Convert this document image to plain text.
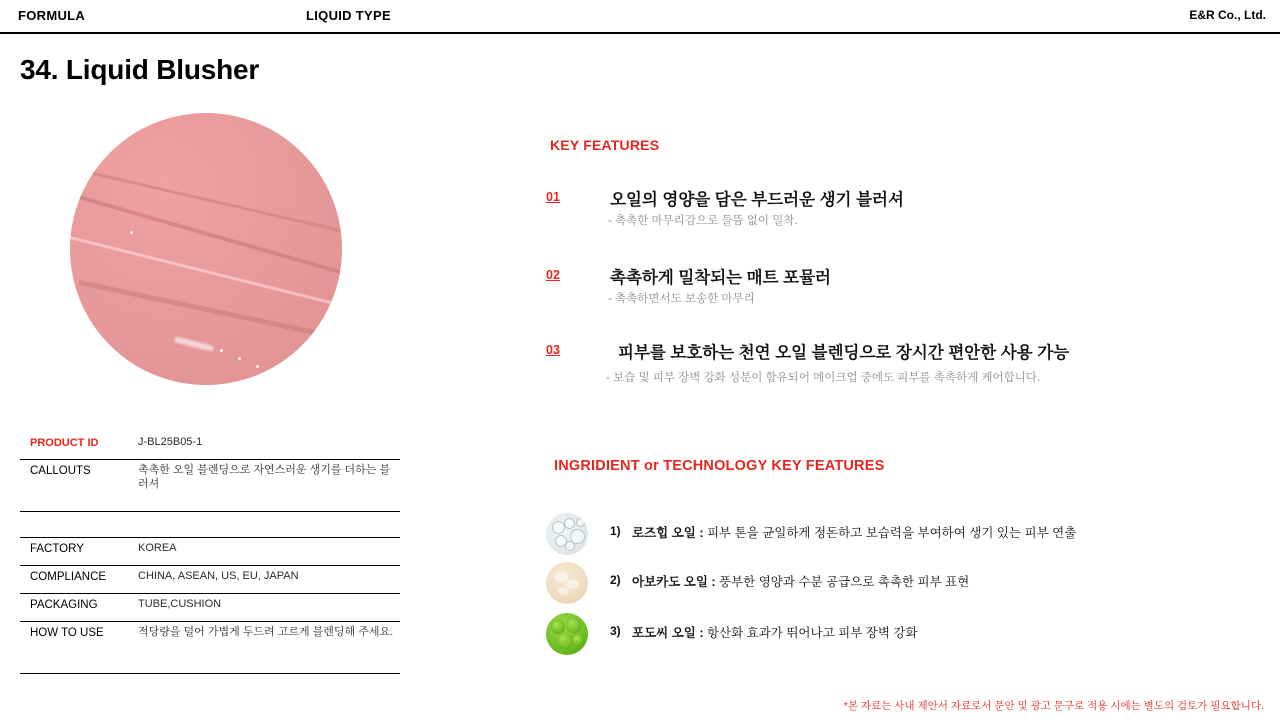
FORMULA	LIQUID TYPE	E&R Co., Ltd.
34. Liquid Blusher
PRODUCT ID	J-BL25B05-1
CALLOUTS	촉촉한 오일 블렌딩으로 자연스러운 생기를 더하는 블러셔
FACTORY	KOREA
COMPLIANCE	CHINA, ASEAN, US, EU, JAPAN
PACKAGING	TUBE,CUSHION
HOW TO USE	적당량을 덜어 가볍게 두드려 고르게 블렌딩해 주세요.
KEY FEATURES
01	오일의 영양을 담은 부드러운 생기 블러셔
- 촉촉한 마무리감으로 들뜸 없이 밀착.
02	촉촉하게 밀착되는 매트 포뮬러
- 촉촉하면서도 보송한 마무리
03	피부를 보호하는 천연 오일 블렌딩으로 장시간 편안한 사용 가능
- 보습 및 피부 장벽 강화 성분이 함유되어 메이크업 중에도 피부를 촉촉하게 케어합니다.
INGRIDIENT or TECHNOLOGY KEY FEATURES
1) 로즈힙 오일 : 피부 톤을 균일하게 정돈하고 보습력을 부여하여 생기 있는 피부 연출
2) 아보카도 오일 : 풍부한 영양과 수분 공급으로 촉촉한 피부 표현
3) 포도씨 오일 : 항산화 효과가 뛰어나고 피부 장벽 강화
*본 자료는 사내 제안서 자료로서 문안 및 광고 문구로 적용 시에는 별도의 검토가 필요합니다.
